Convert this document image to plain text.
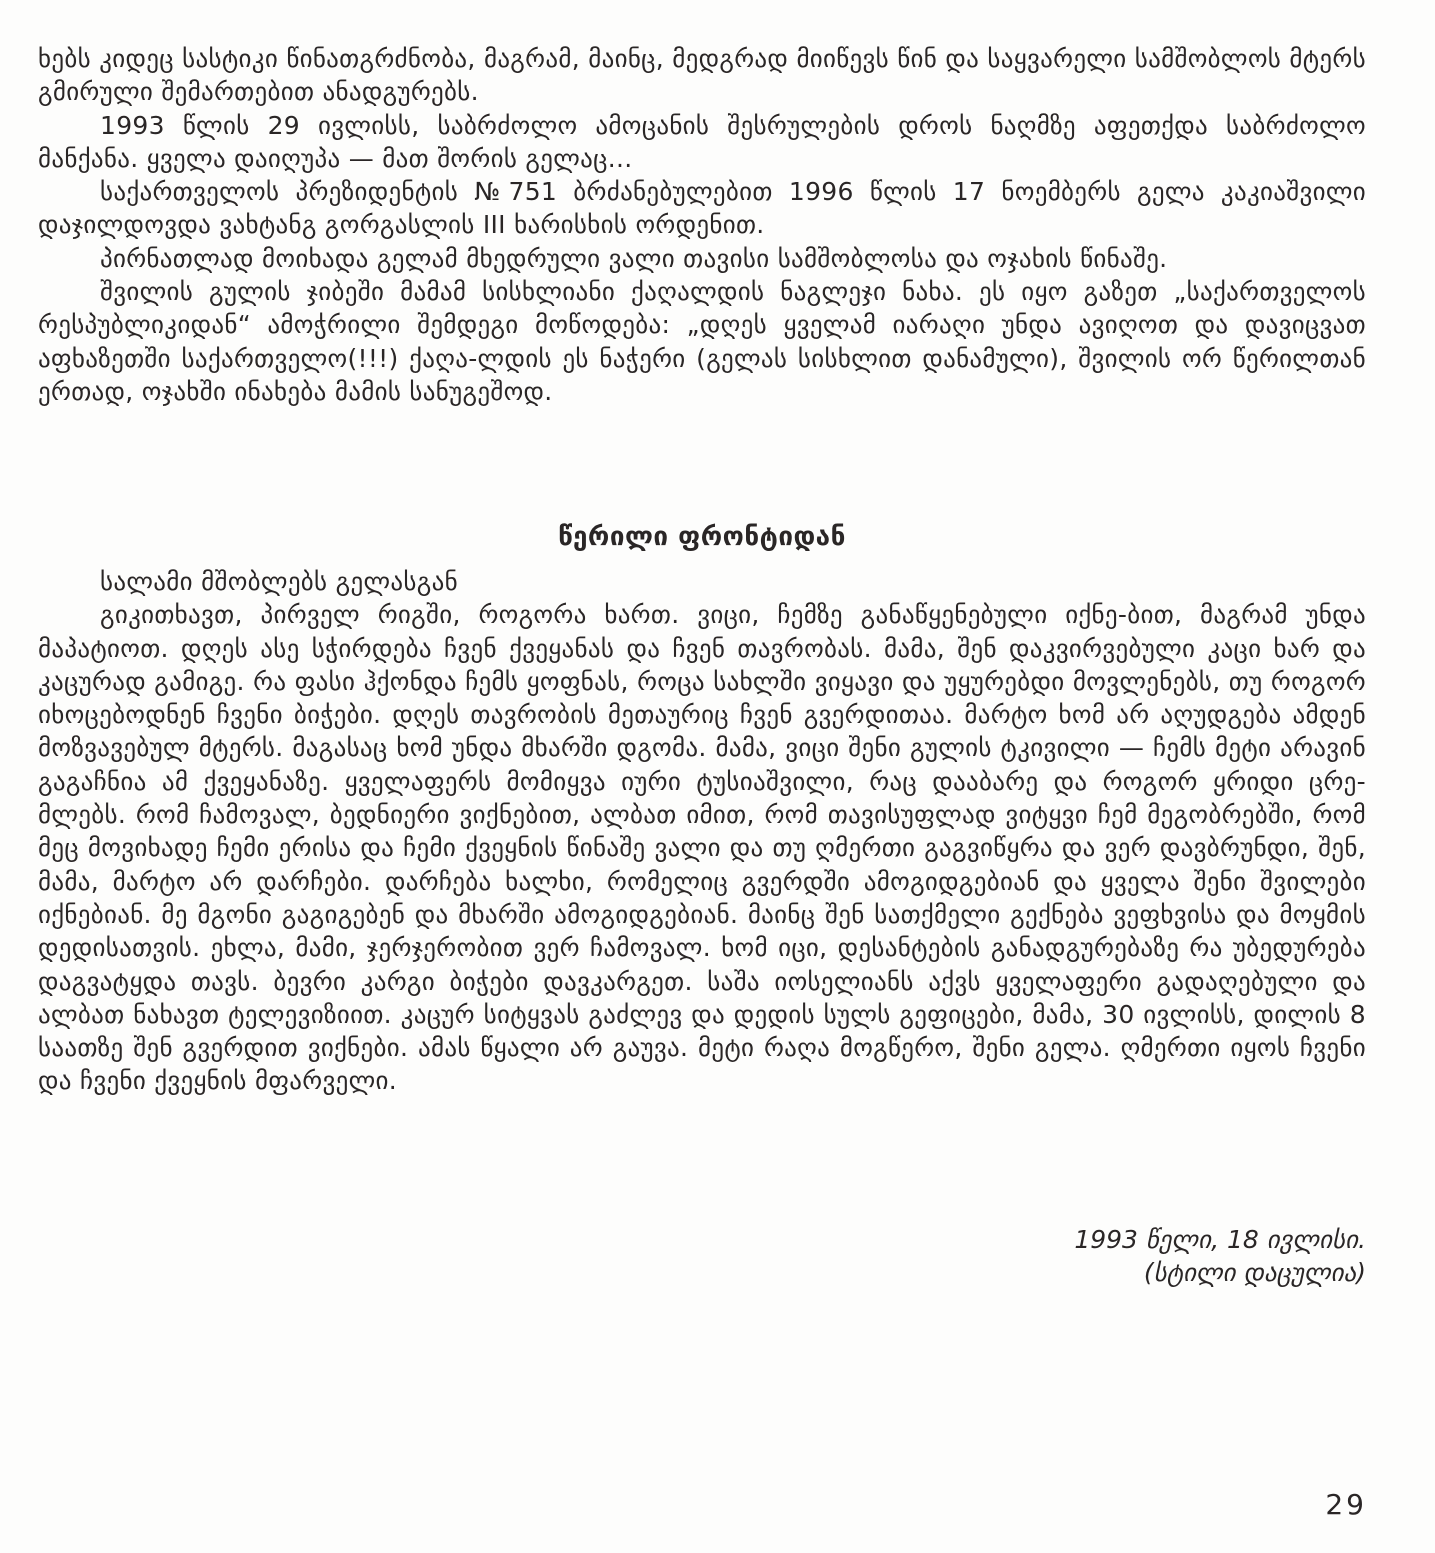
ხებს კიდეც სასტიკი წინათგრძნობა, მაგრამ, მაინც, მედგრად მიიწევს წინ და საყვარელი სამშობლოს მტერს გმირული შემართებით ანადგურებს.

1993 წლის 29 ივლისს, საბრძოლო ამოცანის შესრულების დროს ნაღმზე აფეთქდა საბრძოლო მანქანა. ყველა დაიღუპა — მათ შორის გელაც...

საქართველოს პრეზიდენტის №751 ბრძანებულებით 1996 წლის 17 ნოემბერს გელა კაკიაშვილი დაჯილდოვდა ვახტანგ გორგასლის III ხარისხის ორდენით.

პირნათლად მოიხადა გელამ მხედრული ვალი თავისი სამშობლოსა და ოჯახის წინაშე.

შვილის გულის ჯიბეში მამამ სისხლიანი ქაღალდის ნაგლეჯი ნახა. ეს იყო გაზეთ „საქართველოს რესპუბლიკიდან“ ამოჭრილი შემდეგი მოწოდება: „დღეს ყველამ იარაღი უნდა ავიღოთ და დავიცვათ აფხაზეთში საქართველო(!!!) ქაღა-ლდის ეს ნაჭერი (გელას სისხლით დანამული), შვილის ორ წერილთან ერთად, ოჯახში ინახება მამის სანუგეშოდ.

წერილი ფრონტიდან

სალამი მშობლებს გელასგან

გიკითხავთ, პირველ რიგში, როგორა ხართ. ვიცი, ჩემზე განაწყენებული იქნე-ბით, მაგრამ უნდა მაპატიოთ. დღეს ასე სჭირდება ჩვენ ქვეყანას და ჩვენ თავრობას. მამა, შენ დაკვირვებული კაცი ხარ და კაცურად გამიგე. რა ფასი ჰქონდა ჩემს ყოფნას, როცა სახლში ვიყავი და უყურებდი მოვლენებს, თუ როგორ იხოცებოდნენ ჩვენი ბიჭები. დღეს თავრობის მეთაურიც ჩვენ გვერდითაა. მარტო ხომ არ აღუდგება ამდენ მოზვავებულ მტერს. მაგასაც ხომ უნდა მხარში დგომა. მამა, ვიცი შენი გულის ტკივილი — ჩემს მეტი არავინ გაგაჩნია ამ ქვეყანაზე. ყველაფერს მომიყვა იური ტუსიაშვილი, რაც დააბარე და როგორ ყრიდი ცრე-მლებს. რომ ჩამოვალ, ბედნიერი ვიქნებით, ალბათ იმით, რომ თავისუფლად ვიტყვი ჩემ მეგობრებში, რომ მეც მოვიხადე ჩემი ერისა და ჩემი ქვეყნის წინაშე ვალი და თუ ღმერთი გაგვიწყრა და ვერ დავბრუნდი, შენ, მამა, მარტო არ დარჩები. დარჩება ხალხი, რომელიც გვერდში ამოგიდგებიან და ყველა შენი შვილები იქნებიან. მე მგონი გაგიგებენ და მხარში ამოგიდგებიან. მაინც შენ სათქმელი გექნება ვეფხვისა და მოყმის დედისათვის. ეხლა, მამი, ჯერჯერობით ვერ ჩამოვალ. ხომ იცი, დესანტების განადგურებაზე რა უბედურება დაგვატყდა თავს. ბევრი კარგი ბიჭები დავკარგეთ. საშა იოსელიანს აქვს ყველაფერი გადაღებული და ალბათ ნახავთ ტელევიზიით. კაცურ სიტყვას გაძლევ და დედის სულს გეფიცები, მამა, 30 ივლისს, დილის 8 საათზე შენ გვერდით ვიქნები. ამას წყალი არ გაუვა. მეტი რაღა მოგწერო, შენი გელა. ღმერთი იყოს ჩვენი და ჩვენი ქვეყნის მფარველი.

1993 წელი, 18 ივლისი.
(სტილი დაცულია)
29
